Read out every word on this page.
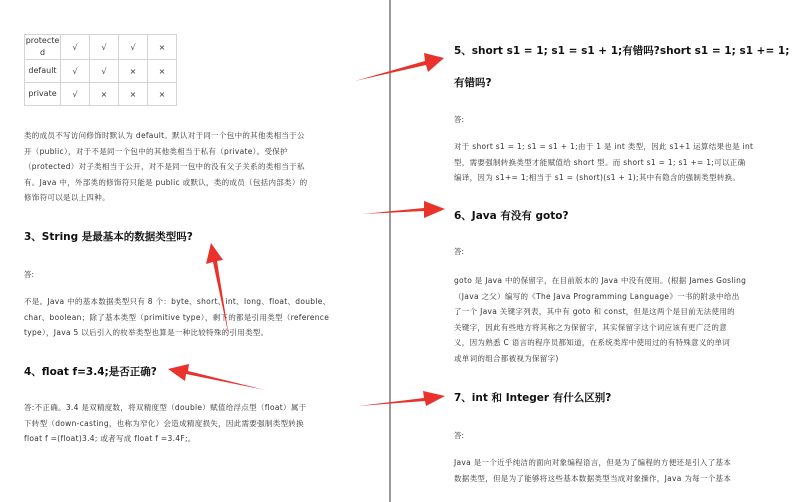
protecte
d	√	√	√	×
default	√	√	×	×
private	√	×	×	×
类的成员不写访问修饰时默认为 default。默认对于同一个包中的其他类相当于公
开（public），对于不是同一个包中的其他类相当于私有（private）。受保护
（protected）对子类相当于公开，对不是同一包中的没有父子关系的类相当于私
有。Java 中，外部类的修饰符只能是 public 或默认，类的成员（包括内部类）的
修饰符可以是以上四种。
3、String 是最基本的数据类型吗?
答:
不是。Java 中的基本数据类型只有 8 个：byte、short、int、long、float、double、
char、boolean；除了基本类型（primitive type），剩下的都是引用类型（reference
type），Java 5 以后引入的枚举类型也算是一种比较特殊的引用类型。
4、float f=3.4;是否正确?
答:不正确。3.4 是双精度数，将双精度型（double）赋值给浮点型（float）属于
下转型（down-casting，也称为窄化）会造成精度损失，因此需要强制类型转换
float f =(float)3.4; 或者写成 float f =3.4F;。
5、short s1 = 1; s1 = s1 + 1;有错吗?short s1 = 1; s1 += 1;
有错吗?
答:
对于 short s1 = 1; s1 = s1 + 1;由于 1 是 int 类型，因此 s1+1 运算结果也是 int
型，需要强制转换类型才能赋值给 short 型。而 short s1 = 1; s1 += 1;可以正确
编译，因为 s1+= 1;相当于 s1 = (short)(s1 + 1);其中有隐含的强制类型转换。
6、Java 有没有 goto?
答:
goto 是 Java 中的保留字，在目前版本的 Java 中没有使用。(根据 James Gosling
（Java 之父）编写的《The Java Programming Language》一书的附录中给出
了一个 Java 关键字列表，其中有 goto 和 const，但是这两个是目前无法使用的
关键字，因此有些地方将其称之为保留字，其实保留字这个词应该有更广泛的意
义，因为熟悉 C 语言的程序员都知道，在系统类库中使用过的有特殊意义的单词
或单词的组合都被视为保留字)
7、int 和 Integer 有什么区别?
答:
Java 是一个近乎纯洁的面向对象编程语言，但是为了编程的方便还是引入了基本
数据类型，但是为了能够将这些基本数据类型当成对象操作，Java 为每一个基本
